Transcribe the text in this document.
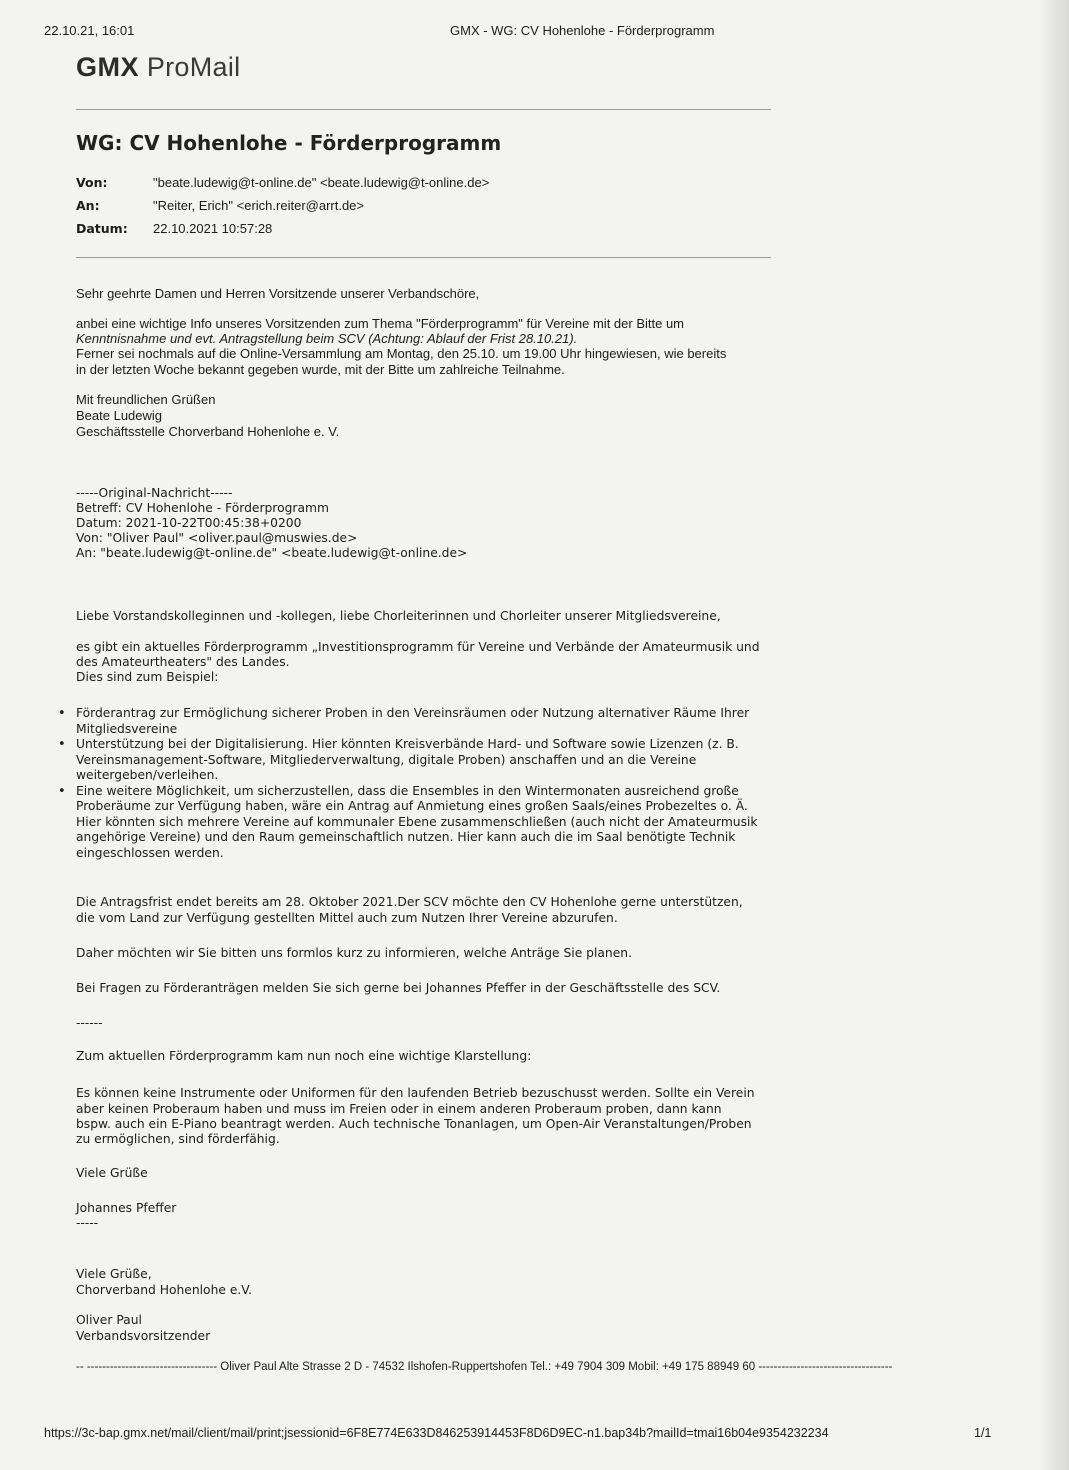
22.10.21, 16:01	GMX - WG: CV Hohenlohe - Förderprogramm
GMX ProMail
WG: CV Hohenlohe - Förderprogramm
Von:	"beate.ludewig@t-online.de" <beate.ludewig@t-online.de>
An:	"Reiter, Erich" <erich.reiter@arrt.de>
Datum: 22.10.2021 10:57:28
Sehr geehrte Damen und Herren Vorsitzende unserer Verbandschöre,
anbei eine wichtige Info unseres Vorsitzenden zum Thema "Förderprogramm" für Vereine mit der Bitte um
Kenntnisnahme und evt. Antragstellung beim SCV (Achtung: Ablauf der Frist 28.10.21).
Ferner sei nochmals auf die Online-Versammlung am Montag, den 25.10. um 19.00 Uhr hingewiesen, wie bereits
in der letzten Woche bekannt gegeben wurde, mit der Bitte um zahlreiche Teilnahme.
Mit freundlichen Grüßen
Beate Ludewig
Geschäftsstelle Chorverband Hohenlohe e. V.
-----Original-Nachricht-----
Betreff: CV Hohenlohe - Förderprogramm
Datum: 2021-10-22T00:45:38+0200
Von: "Oliver Paul" <oliver.paul@muswies.de>
An: "beate.ludewig@t-online.de" <beate.ludewig@t-online.de>
Liebe Vorstandskolleginnen und -kollegen, liebe Chorleiterinnen und Chorleiter unserer Mitgliedsvereine,
es gibt ein aktuelles Förderprogramm „Investitionsprogramm für Vereine und Verbände der Amateurmusik und
des Amateurtheaters" des Landes.
Dies sind zum Beispiel:
• Förderantrag zur Ermöglichung sicherer Proben in den Vereinsräumen oder Nutzung alternativer Räume Ihrer
Mitgliedsvereine
• Unterstützung bei der Digitalisierung. Hier könnten Kreisverbände Hard- und Software sowie Lizenzen (z. B.
Vereinsmanagement-Software, Mitgliederverwaltung, digitale Proben) anschaffen und an die Vereine
weitergeben/verleihen.
• Eine weitere Möglichkeit, um sicherzustellen, dass die Ensembles in den Wintermonaten ausreichend große
Proberäume zur Verfügung haben, wäre ein Antrag auf Anmietung eines großen Saals/eines Probezeltes o. Ä.
Hier könnten sich mehrere Vereine auf kommunaler Ebene zusammenschließen (auch nicht der Amateurmusik
angehörige Vereine) und den Raum gemeinschaftlich nutzen. Hier kann auch die im Saal benötigte Technik
eingeschlossen werden.
Die Antragsfrist endet bereits am 28. Oktober 2021.Der SCV möchte den CV Hohenlohe gerne unterstützen,
die vom Land zur Verfügung gestellten Mittel auch zum Nutzen Ihrer Vereine abzurufen.
Daher möchten wir Sie bitten uns formlos kurz zu informieren, welche Anträge Sie planen.
Bei Fragen zu Förderanträgen melden Sie sich gerne bei Johannes Pfeffer in der Geschäftsstelle des SCV.
------
Zum aktuellen Förderprogramm kam nun noch eine wichtige Klarstellung:
Es können keine Instrumente oder Uniformen für den laufenden Betrieb bezuschusst werden. Sollte ein Verein
aber keinen Proberaum haben und muss im Freien oder in einem anderen Proberaum proben, dann kann
bspw. auch ein E-Piano beantragt werden. Auch technische Tonanlagen, um Open-Air Veranstaltungen/Proben
zu ermöglichen, sind förderfähig.
Viele Grüße
Johannes Pfeffer
-----
Viele Grüße,
Chorverband Hohenlohe e.V.
Oliver Paul
Verbandsvorsitzender
-- ---------------------------------- Oliver Paul Alte Strasse 2 D - 74532 Ilshofen-Ruppertshofen Tel.: +49 7904 309 Mobil: +49 175 88949 60 -----------------------------------
https://3c-bap.gmx.net/mail/client/mail/print;jsessionid=6F8E774E633D846253914453F8D6D9EC-n1.bap34b?mailId=tmai16b04e9354232234	1/1
